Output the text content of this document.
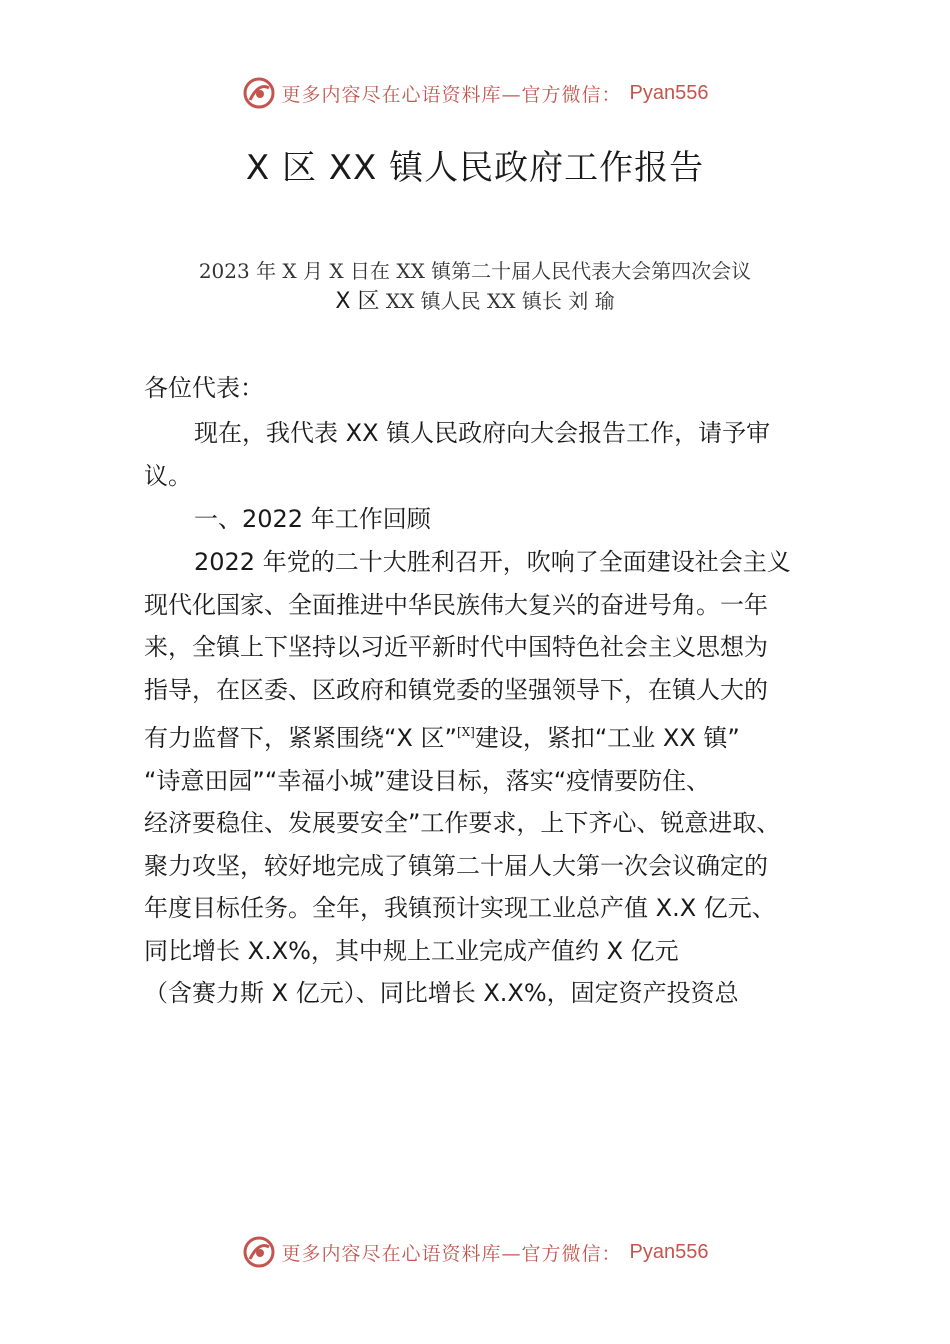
更多内容尽在心语资料库—官方微信： Pyan556
X 区 XX 镇人民政府工作报告
2023 年 X 月 X 日在 XX 镇第二十届人民代表大会第四次会议
X 区 XX 镇人民 XX 镇长 刘 瑜
各位代表：
现在，我代表 XX 镇人民政府向大会报告工作，请予审
议。
一、2022 年工作回顾
2022 年党的二十大胜利召开，吹响了全面建设社会主义
现代化国家、全面推进中华民族伟大复兴的奋进号角。一年
来，全镇上下坚持以习近平新时代中国特色社会主义思想为
指导，在区委、区政府和镇党委的坚强领导下，在镇人大的
有力监督下，紧紧围绕“X 区”[X]建设，紧扣“工业 XX 镇”
“诗意田园”“幸福小城”建设目标，落实“疫情要防住、
经济要稳住、发展要安全”工作要求，上下齐心、锐意进取、
聚力攻坚，较好地完成了镇第二十届人大第一次会议确定的
年度目标任务。全年，我镇预计实现工业总产值 X.X 亿元、
同比增长 X.X%，其中规上工业完成产值约 X 亿元
（含赛力斯 X 亿元）、同比增长 X.X%，固定资产投资总
更多内容尽在心语资料库—官方微信： Pyan556
